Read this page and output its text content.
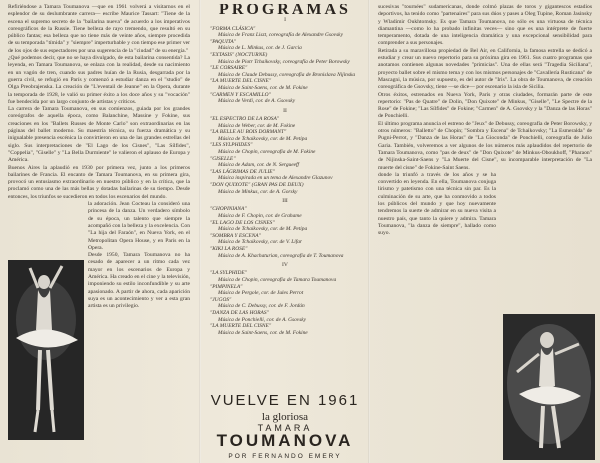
Refiriéndose a Tamara Toumanova —que en 1961 volverá a visitarnos en el esplendor de su deslumbrante carrera— escribe Maurice Tassart: "Tiene de la escena el supremo secreto de la "bailarina nueva" de acuerdo a los imperativos coreográficos de la Russie. Tiene belleza de rayo tremendo, que resultó en su público fantas; esa belleza que no tiene más de veinte años, siempre procedida de su temporada "tímida" y "siempre" imperturbable y con tiempo ese primer ver de los ojos de sus espectadores por una sugerencia de la "ciudad" de su energía."

¿Qué podemos decir, que no se haya divulgado, de esta bailarina consentida? La leyenda, en Tamara Toumanova, se enlaza con la realidad, desde su nacimiento en un vagón de tren, cuando sus padres huían de la Rusia, desgarrada por la guerra civil, se refugió en París y comenzó a estudiar danza en el "studio" de Olga Preobrajenska. La creación de "L'eventail de Jeanne" en la Opera, durante la temporada de 1928, le valió su primer éxito a los doce años y su "vocación" fue bendecida por un largo conjunto de artistas y críticos.

La carrera de Tamara Toumanova, en sus comienzos, guiada por los grandes coreógrafos de aquella época, como Balanchine, Massine y Fokine, sus creaciones en los "Ballets Russes de Monte Carlo" son extraordinarias en las páginas del ballet moderno. Su maestría técnica, su fuerza dramática y su inigualable presencia escénica la convirtieron en una de las grandes estrellas del siglo. Sus interpretaciones de "El Lago de los Cisnes", "Las Sílfides", "Coppelia", "Giselle" y "La Bella Durmiente" le valieron el aplauso de Europa y América.

Buenos Aires la aplaudió en 1930 por primera vez, junto a los primeros bailarines de Francia. El encanto de Tamara Toumanova, en su primera gira, provocó un entusiasmo extraordinario en nuestro público y en la crítica, que la proclamó como una de las más bellas y dotadas bailarinas de su tiempo. Desde entonces, los triunfos se sucedieron en todos los escenarios del mundo.

la adoración. Jean Cocteau la consideró una princesa de la danza. Un verdadero símbolo de su época, un talento que siempre la acompañó con la belleza y la excelencia. Con "La hija del Faraón", en Nueva York, en el Metropolitan Opera House, y en París en la Opera.

Desde 1950, Tamara Toumanova no ha cesado de aparecer a un ritmo cada vez mayor en los escenarios de Europa y América. Ha creado en el cine y la televisión, imponiendo su estilo inconfundible y su arte apasionado. A partir de ahora, cada aparición suya es un acontecimiento y ver a esta gran artista es un privilegio.

PROGRAMAS
I
"FORMA CLÁSICA"
Música de Franz Liszt, coreografía de Alexandre Gsovsky
"PAQUITA"
Música de L. Minkus, cor. de J. Garcia
"EXTASIS" (NOCTURNE)
Música de Piotr Tchaikovsky, coreografía de Peter Borowsky
"LE CORSAIRE"
Música de Claude Debussy, coreografía de Bronislava Nijinska
"LA MUERTE DEL CISNE"
Música de Saint-Saens, cor. de M. Fokine
"CARMEN Y ESCAMILLO"
Música de Verdi, cor. de A. Gsovsky
II
"EL ESPECTRO DE LA ROSA"
Música de Weber, cor. de M. Fokine
"LA BELLE AU BOIS DORMANT"
Música de Tchaikovsky, cor. de M. Petipa
"LES SYLPHIDES"
Música de Chopin, coreografía de M. Fokine
"GISELLE"
Música de Adam, cor. de N. Sergueeff
"LAS LÁGRIMAS DE JULIE"
Música inspirada en un tema de Alexandre Glazunov
"DON QUIXOTE" (GRAN PAS DE DEUX)
Música de Minkus, cor. de A. Gorsky
III
"CHOPINIANA"
Música de F. Chopin, cor. de Grahame
"EL LAGO DE LOS CISNES"
Música de Tchaikovsky, cor. de M. Petipa
"SOMBRA Y ESCENA"
Música de Tchaikovsky, cor. de V. Lifar
"KIKI LA ROSE"
Música de A. Khachaturian, coreografía de T. Toumanova
IV
"LA SYLPHIDE"
Música de Chopin, coreografía de Tamara Toumanova
"PIMPINELA"
Música de Pergole, cor. de Jules Perrot
"JUGOS"
Música de C. Debussy, cor. de F. Jordán
"DANZA DE LAS HORAS"
Música de Ponchielli, cor. de A. Gsovsky
"LA MUERTE DEL CISNE"
Música de Saint-Saens, cor. de M. Fokine
VUELVE EN 1961
la gloriosa
TAMARA
TOUMANOVA
POR FERNANDO EMERY

sucesivas "tournées" sudamericanas, donde colmó plazas de toros y gigantescos estadios deportivos, ha tenido como "partenaires" para sus dúos y pases a Oleg Tupine, Roman Jasinsky y Wladimir Oukhtomsky. Es que Tamara Toumanova, no sólo es una virtuosa de técnica diamantina —como lo ha probado infinitas veces— sino que es una intérprete de fuerte temperamento, dotada de una inteligencia dramática y una excepcional sensibilidad para comprender a sus personajes.

Retirada a su maravillosa propiedad de Bel Air, en California, la famosa estrella se dedicó a estudiar y crear un nuevo repertorio para su próxima gira en 1961. Sus cuatro programas que anotamos contienen algunas novedades "primicias". Una de ellas será "Tragedia Siciliana", proyecto ballet sobre el mismo tema y con los mismos personajes de "Cavallería Rusticana" de Mascagni, la música, por supuesto, es del autor de "Iris". La obra de Toumanova, de creación coreográfica de Gsovsky, tiene —se dice— por escenario la isla de Sicilia.

Otros éxitos, estrenados en Nueva York, París y otras ciudades, formarán parte de este repertorio: "Pas de Quatre" de Dolin, "Don Quixote" de Minkus, "Giselle", "Le Spectre de la Rose" de Fokine; "Las Sílfides" de Fokine; "Carmen" de A. Gsovsky y la "Danza de las Horas" de Ponchielli.

El último programa anuncia el estreno de "Jeux" de Debussy, coreografía de Peter Borowsky, y otros números: "Balletto" de Chopin; "Sombra y Escena" de Tchaikovsky; "La Esmeralda" de Pugni-Perrot, y "Danza de las Horas" de "La Gioconda" de Ponchielli, coreografía de Julio Garia. También, volveremos a ver algunos de los números más aplaudidos del repertorio de Tamara Toumanova, como "pas de deux" de "Don Quixote" de Minkus-Oboukhoff, "Pharaon" de Nijinska-Saint-Saens y "La Muerte del Cisne", su incomparable interpretación de "La muerte del cisne" de Fokine-Saint Saens.

donde la triunfó a través de los años y se ha convertido en leyenda. En ella, Toumanova conjuga lirismo y patetismo con una técnica sin par. Es la culminación de su arte, que ha conmovido a todos los públicos del mundo y que hoy nuevamente tendremos la suerte de admirar en su nueva visita a nuestro país, que tanto la quiere y admira. Tamara Toumanova, "la danza de siempre", hallado como suyo.
